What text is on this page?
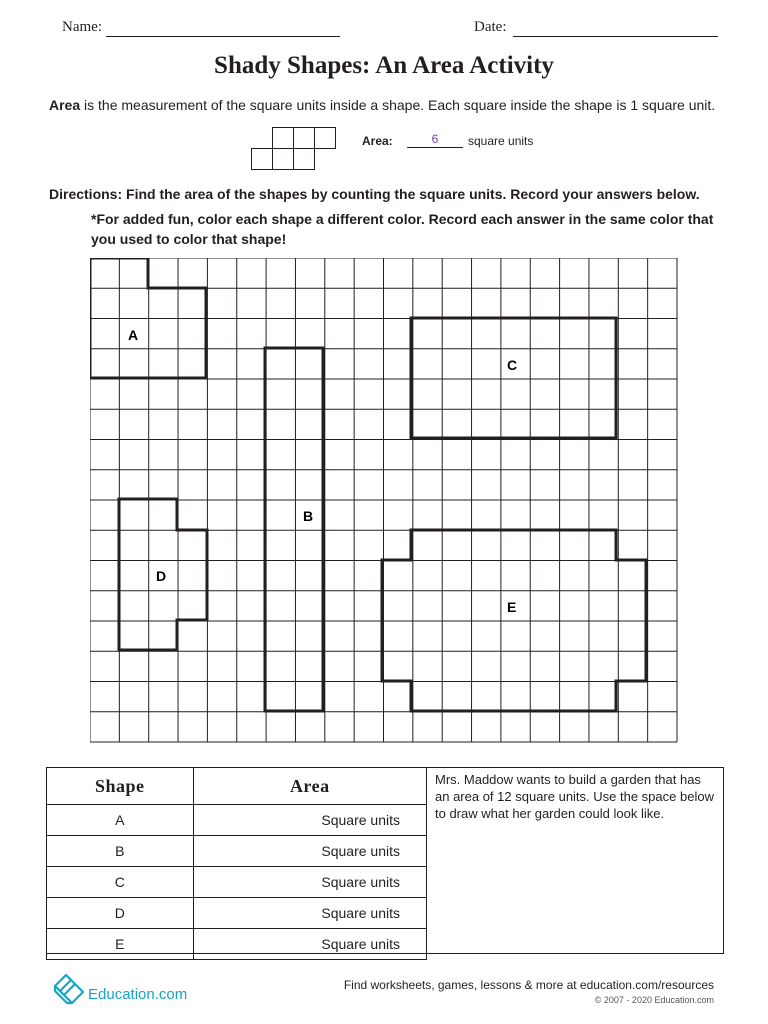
Name:	Date:
Shady Shapes: An Area Activity
Area is the measurement of the square units inside a shape. Each square inside the shape is 1 square unit.
Area:	6	square units
Directions: Find the area of the shapes by counting the square units. Record your answers below.
*For added fun, color each shape a different color. Record each answer in the same color that you used to color that shape!
A
B
C
D
E
Shape	Area
A	Square units
B	Square units
C	Square units
D	Square units
E	Square units
Mrs. Maddow wants to build a garden that has an area of 12 square units. Use the space below to draw what her garden could look like.
Education.com
Find worksheets, games, lessons & more at education.com/resources
© 2007 - 2020 Education.com
